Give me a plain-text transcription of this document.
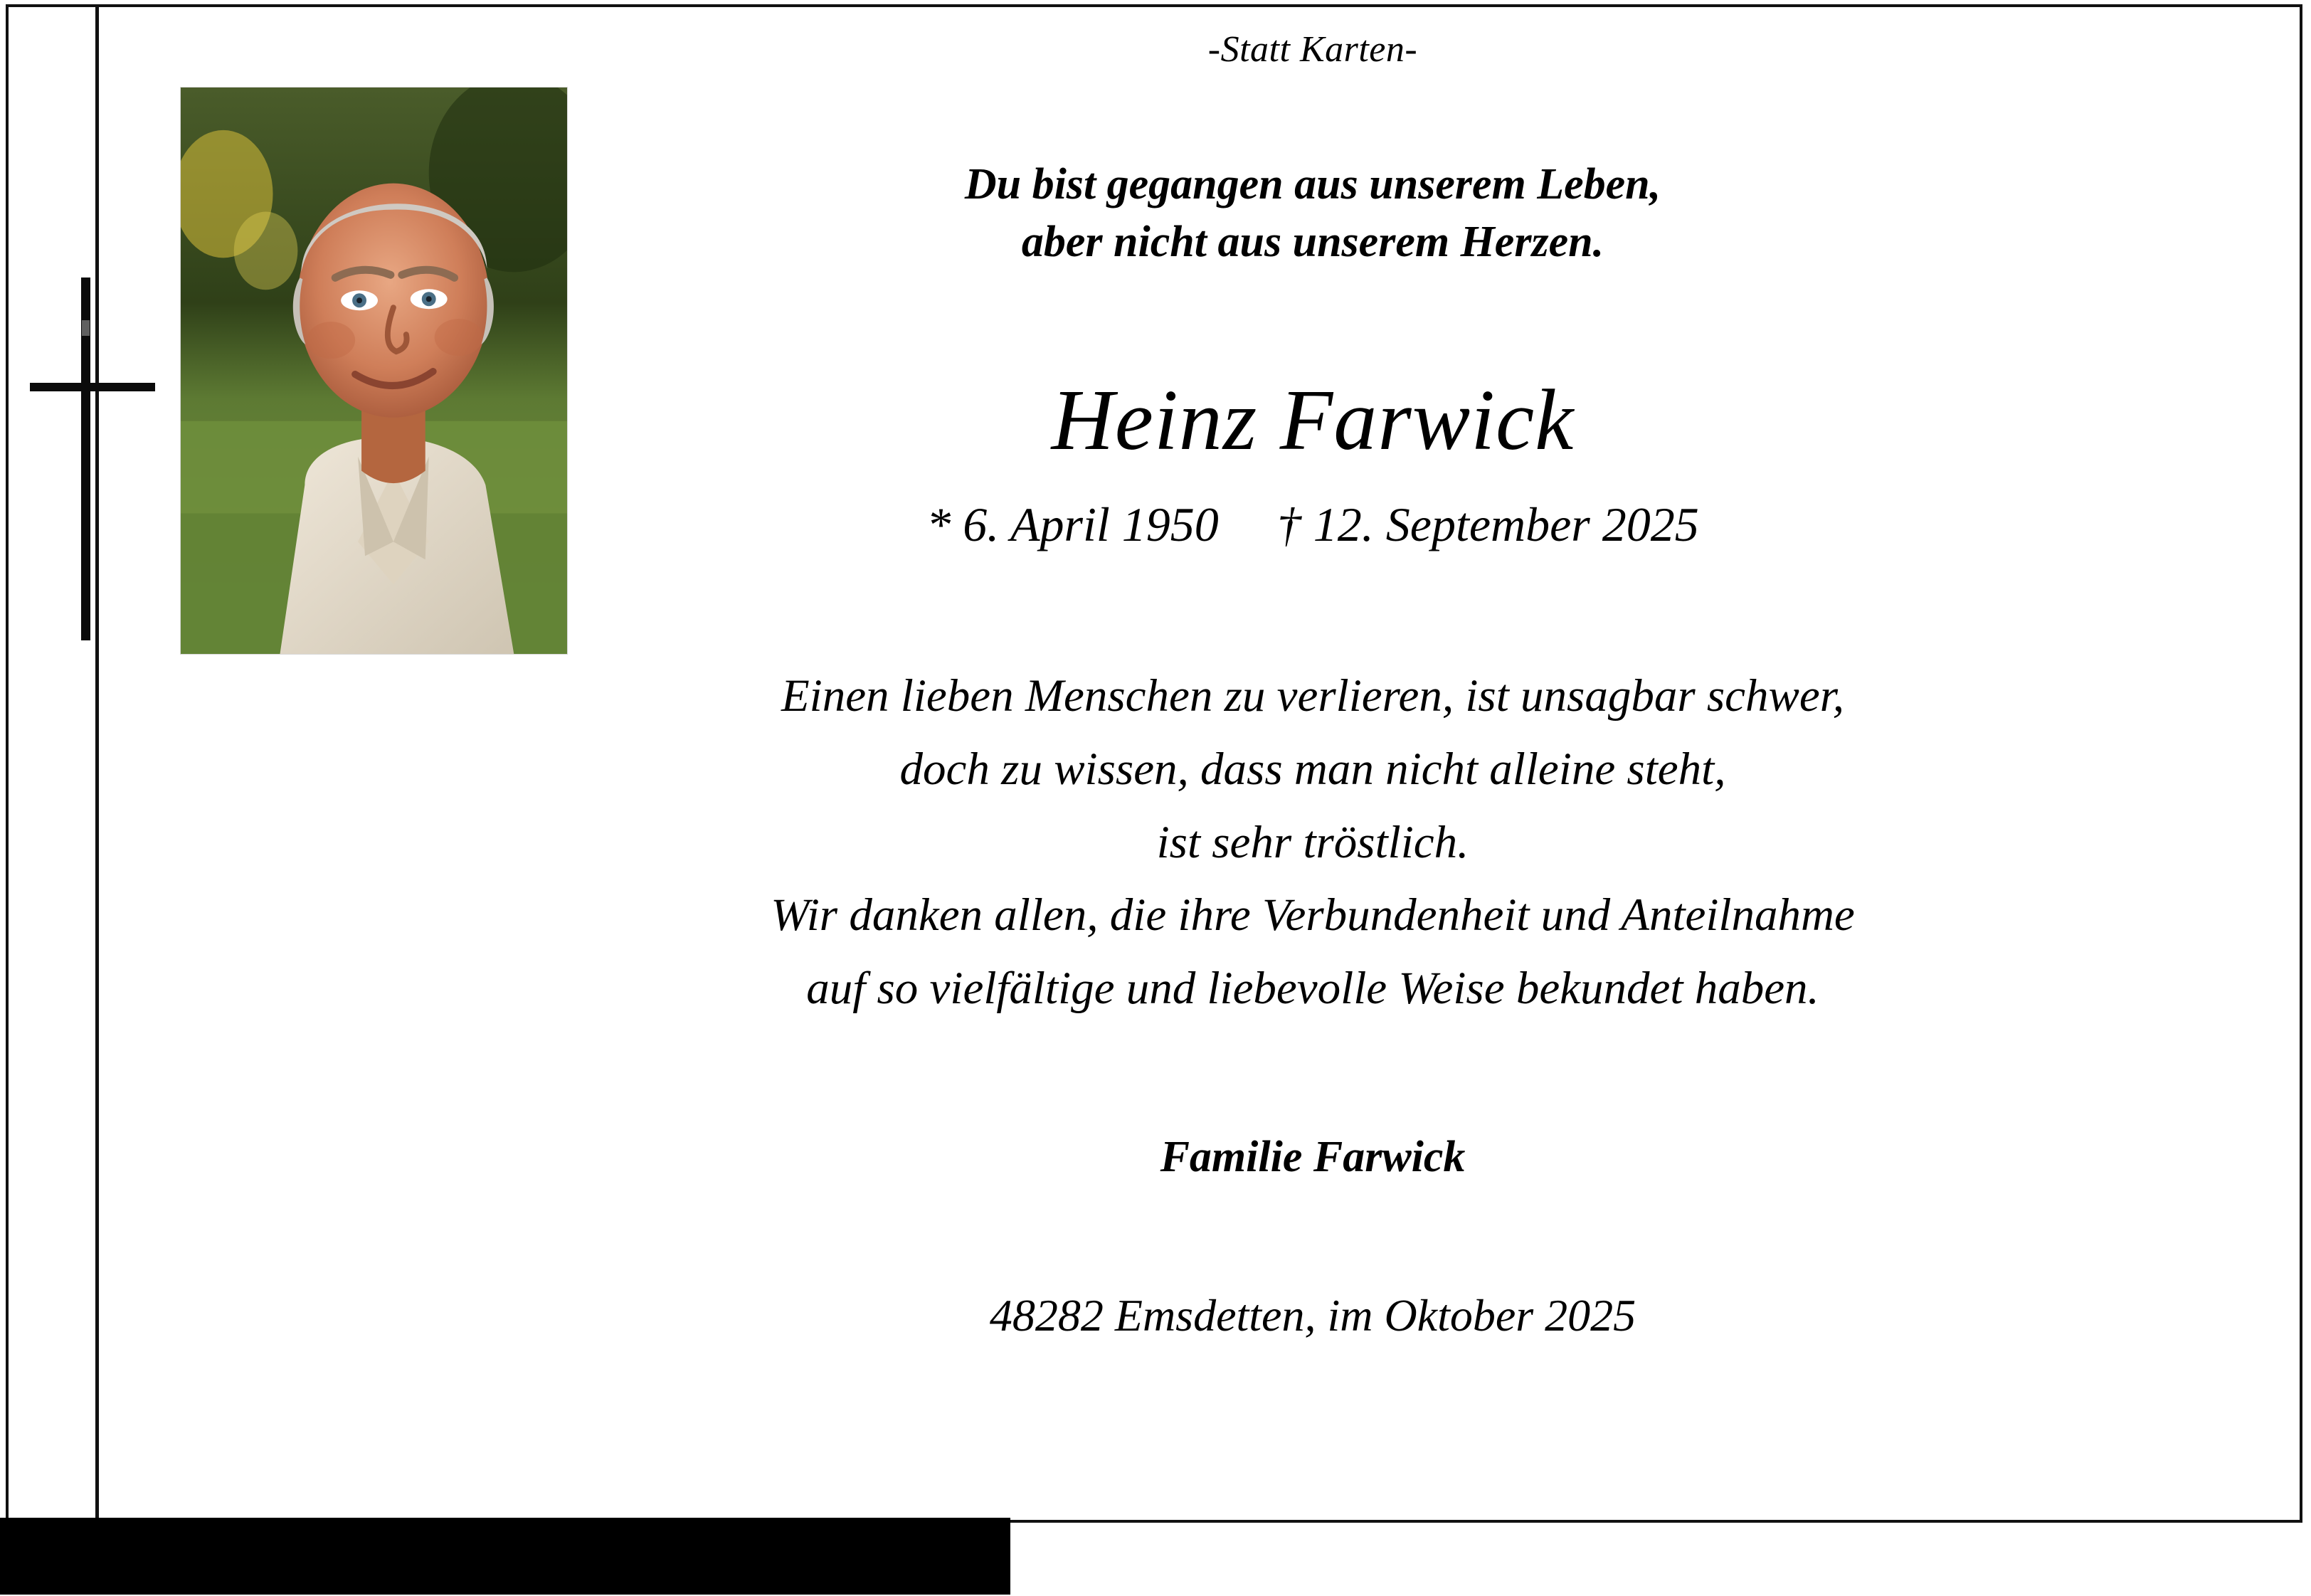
-Statt Karten-
Du bist gegangen aus unserem Leben,
aber nicht aus unserem Herzen.
Heinz Farwick
* 6. April 1950 † 12. September 2025
Einen lieben Menschen zu verlieren, ist unsagbar schwer,
doch zu wissen, dass man nicht alleine steht,
ist sehr tröstlich.
Wir danken allen, die ihre Verbundenheit und Anteilnahme
auf so vielfältige und liebevolle Weise bekundet haben.
Familie Farwick
48282 Emsdetten, im Oktober 2025
